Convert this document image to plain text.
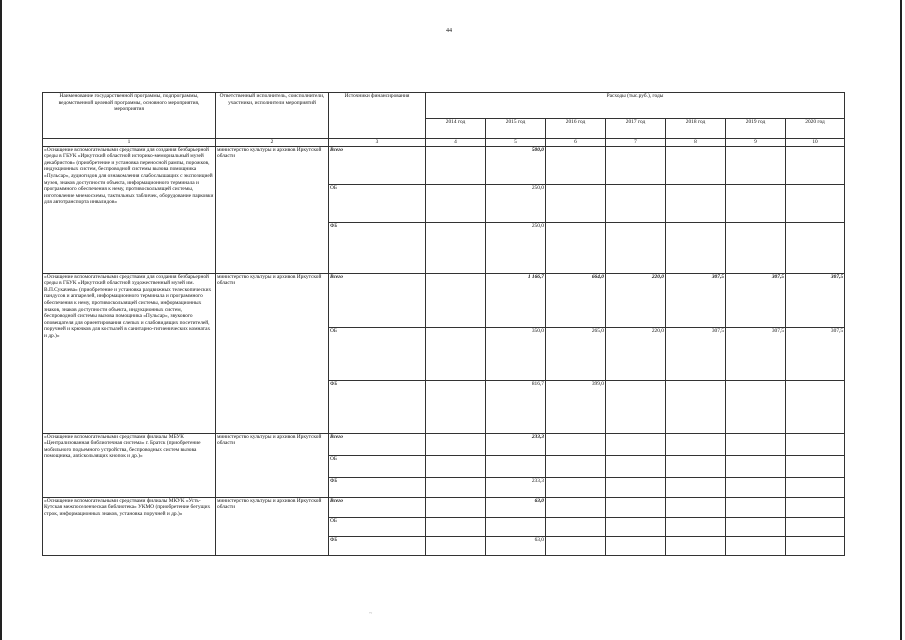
44
Наименование государственной программы, подпрограммы, ведомственной целевой программы, основного мероприятия, мероприятия	Ответственный исполнитель, соисполнители, участники, исполнители мероприятий	Источники финансирования	Расходы (тыс.руб.), годы						
			2014 год	2015 год	2016 год	2017 год	2018 год	2019 год	2020 год
1	2	3	4	5	6	7	8	9	10
«Оснащение вспомогательными средствами для создания безбарьерной среды в ГБУК «Иркутский областной историко-мемориальный музей декабристов» (приобретение и установка переносной рампы, порожков, индукционных систем, беспроводной системы вызова помощника «Пульсар», аудиогидов для ознакомления слабослышащих с экспозицией музея, знаков доступности объекта, информационного терминала и программного обеспечения к нему, противоскользящей системы, изготовление мнемосхемы, тактильных табличек, оборудование парковки для автотранспорта инвалидов»	министерство культуры и архивов Иркутской области	Всего		500,0					
		ОБ		250,0					
		ФБ		250,0					
«Оснащение вспомогательными средствами для создания безбарьерной среды в ГБУК «Иркутский областной художественный музей им. В.П.Сукачева» (приобретение и установка раздвижных телескопических пандусов и аппарелей, информационного терминала и программного обеспечения к нему, противоскользящей системы, информационных знаков, знаков доступности объекта, индукционных систем, беспроводной системы вызова помощника «Пульсар», звукового оповещателя для ориентирования слепых и слабовидящих посетителей, поручней и крючков для костылей в санитарно-гигиенических комнатах и др.)»	министерство культуры и архивов Иркутской области	Всего		1 166,7	664,0	220,0	307,5	307,5	307,5
		ОБ		350,0	265,0	220,0	307,5	307,5	307,5
		ФБ		816,7	399,0				
«Оснащение вспомогательными средствами филиалы МБУК «Централизованная библиотечная система» г. Братск (приобретение мобильного подъемного устройства, беспроводных систем вызова помощника, antiскользящих кнопок и др.)»	министерство культуры и архивов Иркутской области	Всего		233,3					
		ОБ							
		ФБ		233,3					
«Оснащение вспомогательными средствами филиалы МКУК «Усть-Кутская межпоселенческая библиотека» УКМО (приобретение бегущих строк, информационных знаков, установка поручней и др.)»	министерство культуры и архивов Иркутской области	Всего		63,0					
		ОБ							
		ФБ		63,0					
~
